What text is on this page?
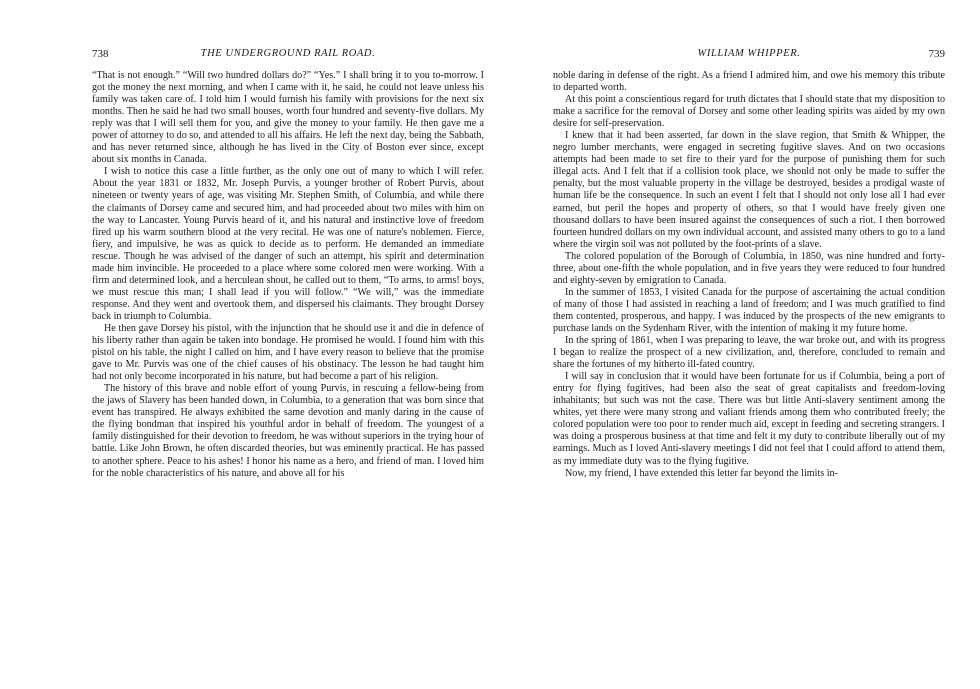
738	THE UNDERGROUND RAIL ROAD.

“That is not enough.” “Will two hundred dollars do?” “Yes.” I shall bring it to you to-morrow. I got the money the next morning, and when I came with it, he said, he could not leave unless his family was taken care of. I told him I would furnish his family with provisions for the next six months. Then he said he had two small houses, worth four hundred and seventy-five dollars. My reply was that I will sell them for you, and give the money to your family. He then gave me a power of attorney to do so, and attended to all his affairs. He left the next day, being the Sabbath, and has never returned since, although he has lived in the City of Boston ever since, except about six months in Canada.

I wish to notice this case a little further, as the only one out of many to which I will refer. About the year 1831 or 1832, Mr. Joseph Purvis, a younger brother of Robert Purvis, about nineteen or twenty years of age, was visiting Mr. Stephen Smith, of Columbia, and while there the claimants of Dorsey came and secured him, and had proceeded about two miles with him on the way to Lancaster. Young Purvis heard of it, and his natural and instinctive love of freedom fired up his warm southern blood at the very recital. He was one of nature's noblemen. Fierce, fiery, and impulsive, he was as quick to decide as to perform. He demanded an immediate rescue. Though he was advised of the danger of such an attempt, his spirit and determination made him invincible. He proceeded to a place where some colored men were working. With a firm and determined look, and a herculean shout, he called out to them, “To arms, to arms! boys, we must rescue this man; I shall lead if you will follow.” “We will,” was the immediate response. And they went and overtook them, and dispersed his claimants. They brought Dorsey back in triumph to Columbia.

He then gave Dorsey his pistol, with the injunction that he should use it and die in defence of his liberty rather than again be taken into bondage. He promised he would. I found him with this pistol on his table, the night I called on him, and I have every reason to believe that the promise gave to Mr. Purvis was one of the chief causes of his obstinacy. The lesson he had taught him had not only become incorporated in his nature, but had become a part of his religion.

The history of this brave and noble effort of young Purvis, in rescuing a fellow-being from the jaws of Slavery has been handed down, in Columbia, to a generation that was born since that event has transpired. He always exhibited the same devotion and manly daring in the cause of the flying bondman that inspired his youthful ardor in behalf of freedom. The youngest of a family distinguished for their devotion to freedom, he was without superiors in the trying hour of battle. Like John Brown, he often discarded theories, but was eminently practical. He has passed to another sphere. Peace to his ashes! I honor his name as a hero, and friend of man. I loved him for the noble characteristics of his nature, and above all for his

WILLIAM WHIPPER.	739

noble daring in defense of the right. As a friend I admired him, and owe his memory this tribute to departed worth.

At this point a conscientious regard for truth dictates that I should state that my disposition to make a sacrifice for the removal of Dorsey and some other leading spirits was aided by my own desire for self-preservation.

I knew that it had been asserted, far down in the slave region, that Smith & Whipper, the negro lumber merchants, were engaged in secreting fugitive slaves. And on two occasions attempts had been made to set fire to their yard for the purpose of punishing them for such illegal acts. And I felt that if a collision took place, we should not only be made to suffer the penalty, but the most valuable property in the village be destroyed, besides a prodigal waste of human life be the consequence. In such an event I felt that I should not only lose all I had ever earned, but peril the hopes and property of others, so that I would have freely given one thousand dollars to have been insured against the consequences of such a riot. I then borrowed fourteen hundred dollars on my own individual account, and assisted many others to go to a land where the virgin soil was not polluted by the foot-prints of a slave.

The colored population of the Borough of Columbia, in 1850, was nine hundred and forty-three, about one-fifth the whole population, and in five years they were reduced to four hundred and eighty-seven by emigration to Canada.

In the summer of 1853, I visited Canada for the purpose of ascertaining the actual condition of many of those I had assisted in reaching a land of freedom; and I was much gratified to find them contented, prosperous, and happy. I was induced by the prospects of the new emigrants to purchase lands on the Sydenham River, with the intention of making it my future home.

In the spring of 1861, when I was preparing to leave, the war broke out, and with its progress I began to realize the prospect of a new civilization, and, therefore, concluded to remain and share the fortunes of my hitherto ill-fated country.

I will say in conclusion that it would have been fortunate for us if Columbia, being a port of entry for flying fugitives, had been also the seat of great capitalists and freedom-loving inhabitants; but such was not the case. There was but little Anti-slavery sentiment among the whites, yet there were many strong and valiant friends among them who contributed freely; the colored population were too poor to render much aid, except in feeding and secreting strangers. I was doing a prosperous business at that time and felt it my duty to contribute liberally out of my earnings. Much as I loved Anti-slavery meetings I did not feel that I could afford to attend them, as my immediate duty was to the flying fugitive.

Now, my friend, I have extended this letter far beyond the limits in-
